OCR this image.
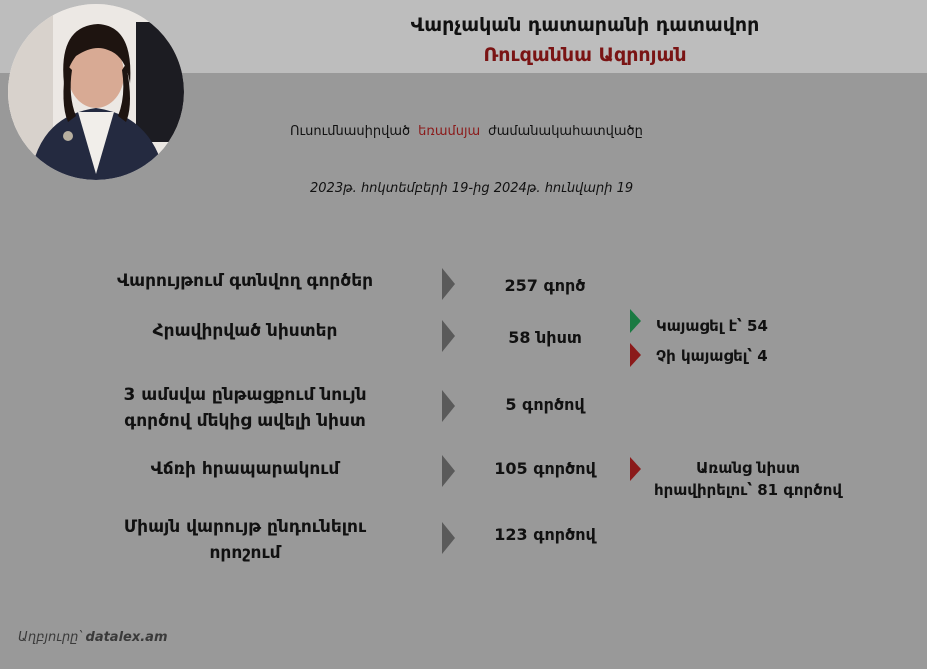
Վարչական դատարանի դատավոր
Ռուզաննա Ազրոյան
Ուսումնասիրված եռամսյա ժամանակահատվածը
2023թ. հոկտեմբերի 19-ից 2024թ. հունվարի 19
Վարույթում գտնվող գործեր	257 գործ
Հրավիրված նիստեր	58 նիստ
Կայացել է՝ 54
Չի կայացել՝ 4
3 ամսվա ընթացքում նույն
գործով մեկից ավելի նիստ
5 գործով
Վճռի հրապարակում	105 գործով	Առանց նիստ
հրավիրելու՝ 81 գործով
Միայն վարույթ ընդունելու
որոշում
123 գործով
Աղբյուրը՝ datalex.am
